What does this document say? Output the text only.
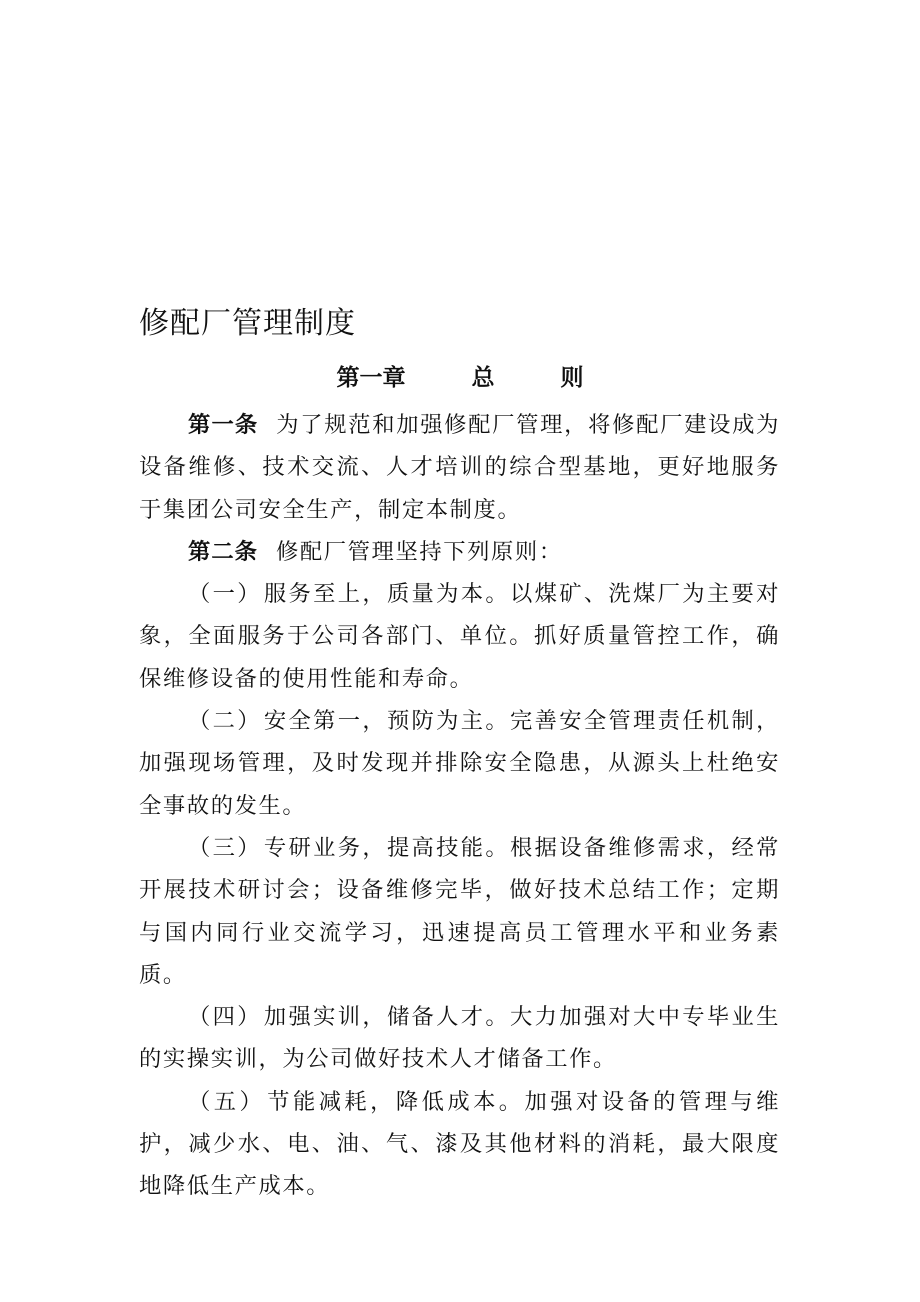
修配厂管理制度
第一章   总   则

第一条 为了规范和加强修配厂管理，将修配厂建设成为设备维修、技术交流、人才培训的综合型基地，更好地服务于集团公司安全生产，制定本制度。

第二条 修配厂管理坚持下列原则：

（一）服务至上，质量为本。以煤矿、洗煤厂为主要对象，全面服务于公司各部门、单位。抓好质量管控工作，确保维修设备的使用性能和寿命。

（二）安全第一，预防为主。完善安全管理责任机制，加强现场管理，及时发现并排除安全隐患，从源头上杜绝安全事故的发生。

（三）专研业务，提高技能。根据设备维修需求，经常开展技术研讨会；设备维修完毕，做好技术总结工作；定期与国内同行业交流学习，迅速提高员工管理水平和业务素质。

（四）加强实训，储备人才。大力加强对大中专毕业生的实操实训，为公司做好技术人才储备工作。

（五）节能减耗，降低成本。加强对设备的管理与维护，减少水、电、油、气、漆及其他材料的消耗，最大限度地降低生产成本。
